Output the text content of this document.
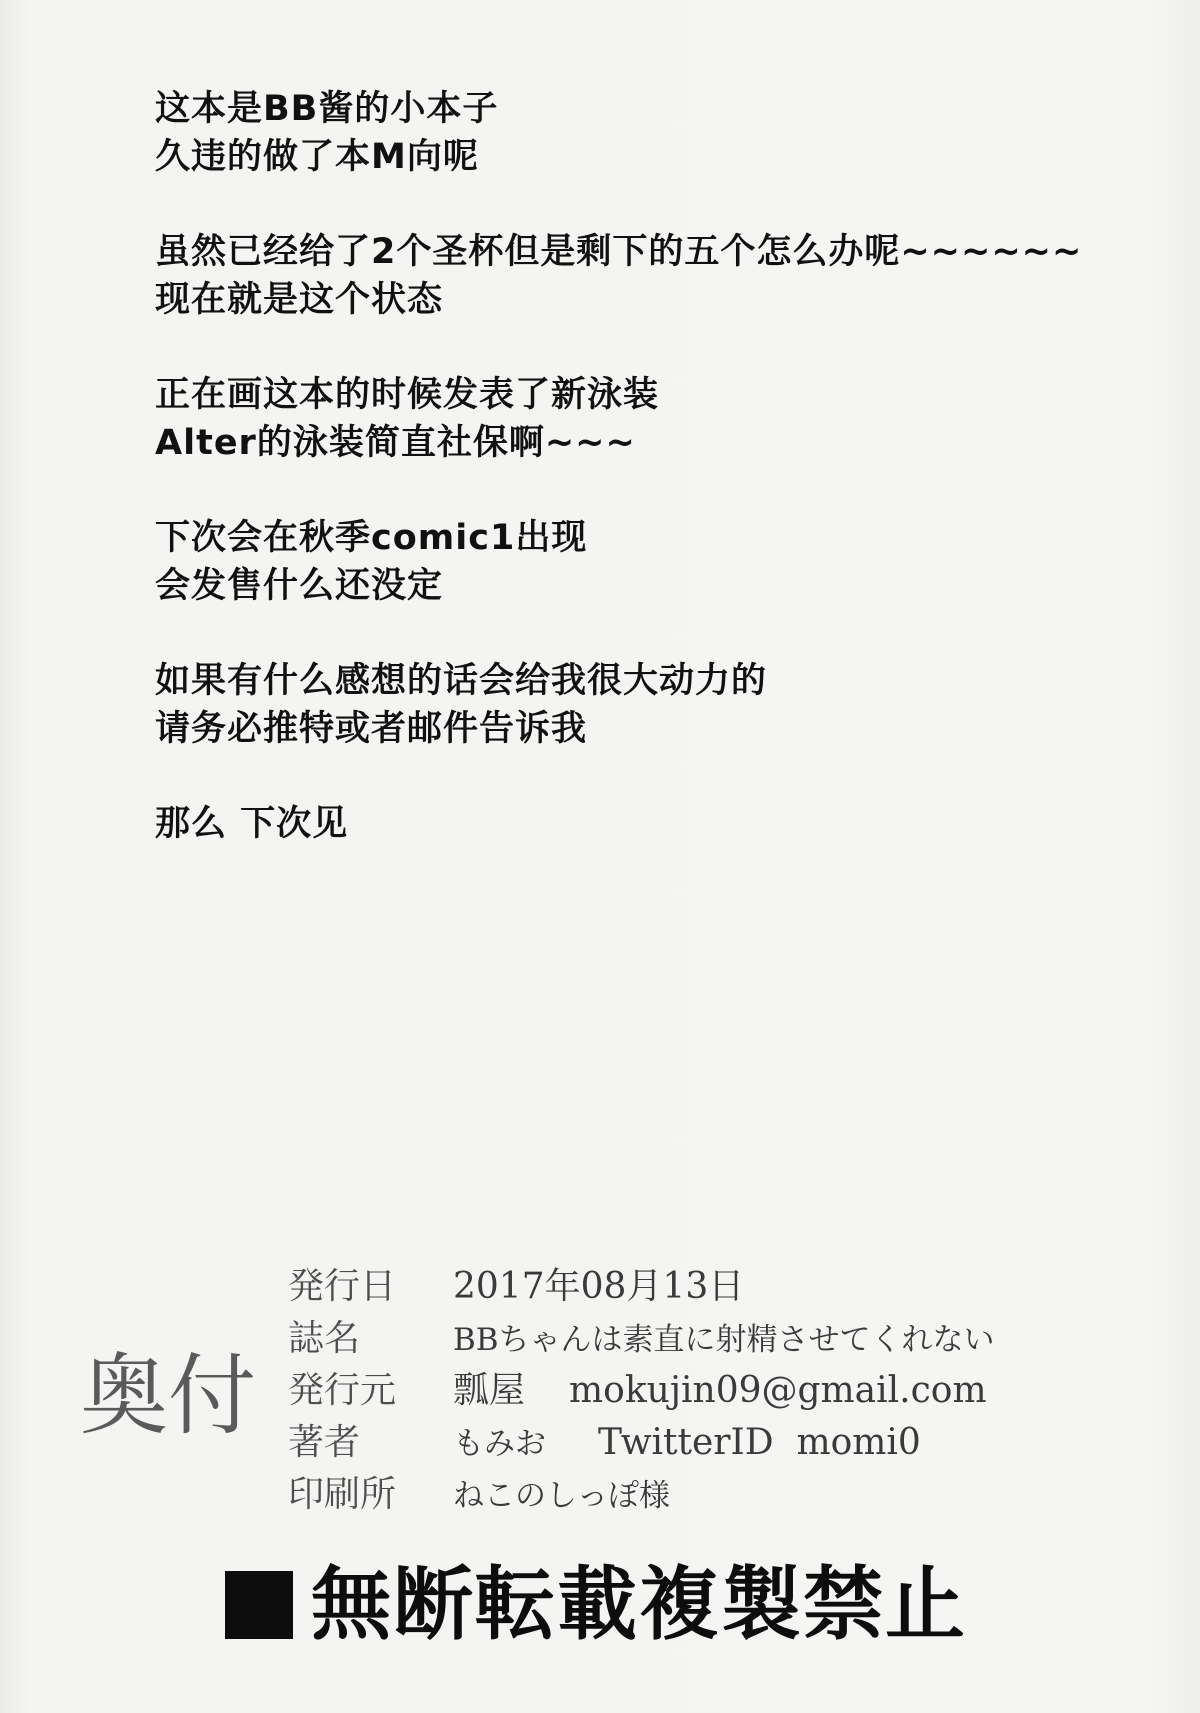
这本是BB酱的小本子
久违的做了本M向呢
虽然已经给了2个圣杯但是剩下的五个怎么办呢~~~~~~
现在就是这个状态
正在画这本的时候发表了新泳装
Alter的泳装简直社保啊~~~
下次会在秋季comic1出现
会发售什么还没定
如果有什么感想的话会给我很大动力的
请务必推特或者邮件告诉我
那么 下次见
奥付
発行日	2017年08月13日
誌名	BBちゃんは素直に射精させてくれない
発行元	瓢屋 mokujin09@gmail.com
著者	もみお TwitterID  momi0
印刷所	ねこのしっぽ様
無断転載複製禁止
